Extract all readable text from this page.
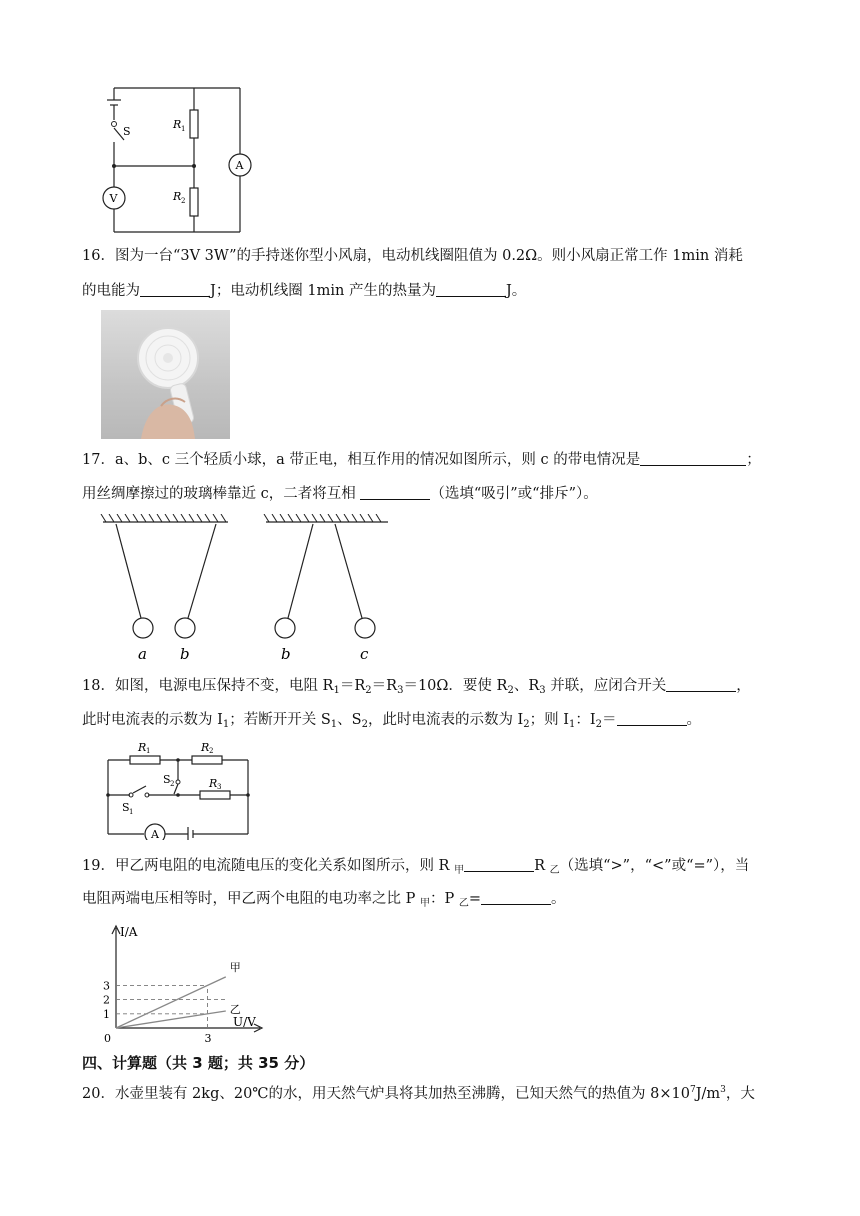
S
R 1
R 2
A
V
16．图为一台“3V 3W”的手持迷你型小风扇，电动机线圈阻值为 0.2Ω。则小风扇正常工作 1min 消耗
的电能为	J；电动机线圈 1min 产生的热量为	J。
17．a、b、c 三个轻质小球，a 带正电，相互作用的情况如图所示，则 c 的带电情况是	；
用丝绸摩擦过的玻璃棒靠近 c，二者将互相	（选填“吸引”或“排斥”）。
a b	b	c
18．如图，电源电压保持不变，电阻 $R_1=R_2=R_3=10\Omega$．要使 $R_2$、$R_3$ 并联，应闭合开关	，
此时电流表的示数为 $I_1$；若断开开关 $S_1$、$S_2$，此时电流表的示数为 $I_2$；则 $I_1$：$I_2=$	。
R 1	R 2
R 3
S 2
S 1
A
19．甲乙两电阻的电流随电压的变化关系如图所示，则 R $_甲$	R $_乙$（选填“>”，“<”或“=”），当
电阻两端电压相等时，甲乙两个电阻的电功率之比 P $_甲$：P $_乙$=	。
甲
乙
1
2
3
0	3
I/A
U/V
四、计算题（共 3 题；共 35 分）
20．水壶里装有 2kg、20℃的水，用天然气炉具将其加热至沸腾，已知天然气的热值为 $8\times 10^7J/m^3$，大
